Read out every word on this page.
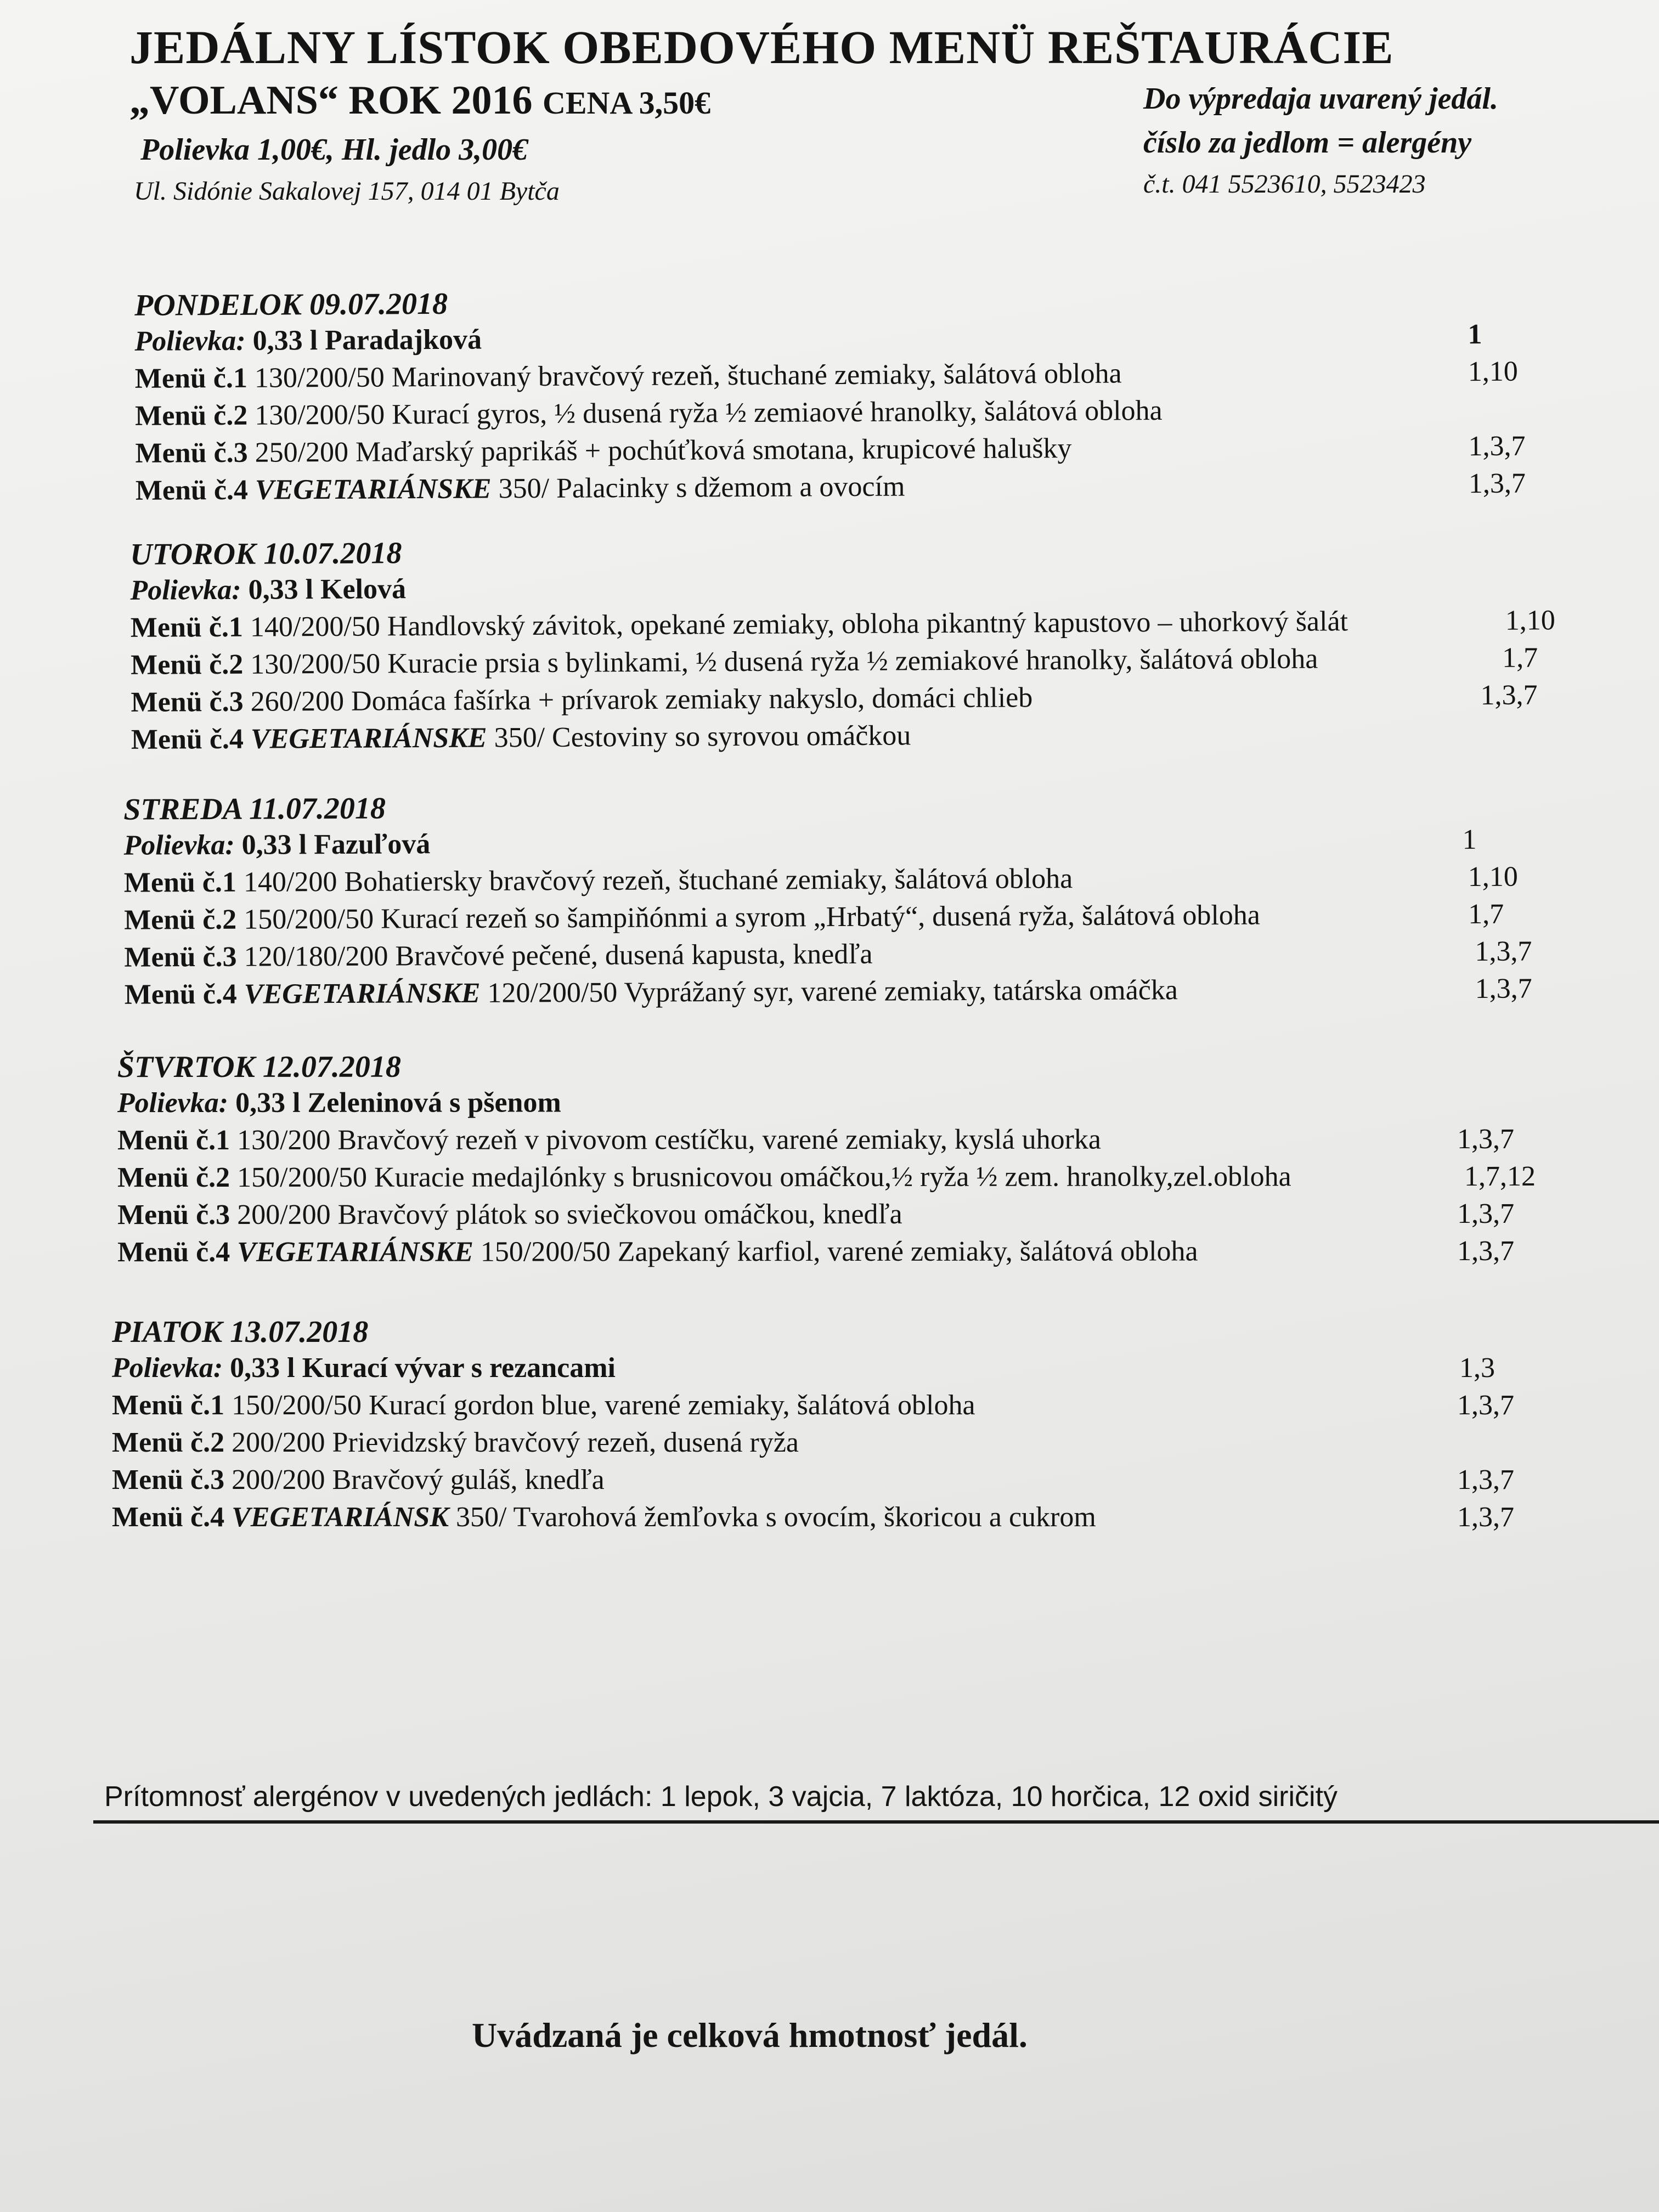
JEDÁLNY LÍSTOK OBEDOVÉHO MENÜ REŠTAURÁCIE
„VOLANS“ ROK 2016 CENA 3,50€
Polievka 1,00€, Hl. jedlo 3,00€
Ul. Sidónie Sakalovej 157, 014 01 Bytča
Do výpredaja uvarený jedál.
číslo za jedlom = alergény
č.t. 041 5523610, 5523423
PONDELOK 09.07.2018
Polievka: 0,33 l Paradajková	1
Menü č.1 130/200/50 Marinovaný bravčový rezeň, štuchané zemiaky, šalátová obloha	1,10
Menü č.2 130/200/50 Kurací gyros, ½ dusená ryža ½ zemiaové hranolky, šalátová obloha
Menü č.3 250/200 Maďarský paprikáš + pochúťková smotana, krupicové halušky	1,3,7
Menü č.4 VEGETARIÁNSKE 350/ Palacinky s džemom a ovocím	1,3,7
UTOROK 10.07.2018
Polievka: 0,33 l Kelová
Menü č.1 140/200/50 Handlovský závitok, opekané zemiaky, obloha pikantný kapustovo – uhorkový šalát	1,10
Menü č.2 130/200/50 Kuracie prsia s bylinkami, ½ dusená ryža ½ zemiakové hranolky, šalátová obloha	1,7
Menü č.3 260/200 Domáca fašírka + prívarok zemiaky nakyslo, domáci chlieb	1,3,7
Menü č.4 VEGETARIÁNSKE 350/ Cestoviny so syrovou omáčkou
STREDA 11.07.2018
Polievka: 0,33 l Fazuľová	1
Menü č.1 140/200 Bohatiersky bravčový rezeň, štuchané zemiaky, šalátová obloha	1,10
Menü č.2 150/200/50 Kurací rezeň so šampiňónmi a syrom „Hrbatý“, dusená ryža, šalátová obloha	1,7
Menü č.3 120/180/200 Bravčové pečené, dusená kapusta, knedľa	1,3,7
Menü č.4 VEGETARIÁNSKE 120/200/50 Vyprážaný syr, varené zemiaky, tatárska omáčka	1,3,7
ŠTVRTOK 12.07.2018
Polievka: 0,33 l Zeleninová s pšenom
Menü č.1 130/200 Bravčový rezeň v pivovom cestíčku, varené zemiaky, kyslá uhorka	1,3,7
Menü č.2 150/200/50 Kuracie medajlónky s brusnicovou omáčkou,½ ryža ½ zem. hranolky,zel.obloha	1,7,12
Menü č.3 200/200 Bravčový plátok so sviečkovou omáčkou, knedľa	1,3,7
Menü č.4 VEGETARIÁNSKE 150/200/50 Zapekaný karfiol, varené zemiaky, šalátová obloha	1,3,7
PIATOK 13.07.2018
Polievka: 0,33 l Kurací vývar s rezancami	1,3
Menü č.1 150/200/50 Kurací gordon blue, varené zemiaky, šalátová obloha	1,3,7
Menü č.2 200/200 Prievidzský bravčový rezeň, dusená ryža
Menü č.3 200/200 Bravčový guláš, knedľa	1,3,7
Menü č.4 VEGETARIÁNSK 350/ Tvarohová žemľovka s ovocím, škoricou a cukrom	1,3,7
Prítomnosť alergénov v uvedených jedlách: 1 lepok, 3 vajcia, 7 laktóza, 10 horčica, 12 oxid siričitý
Uvádzaná je celková hmotnosť jedál.
